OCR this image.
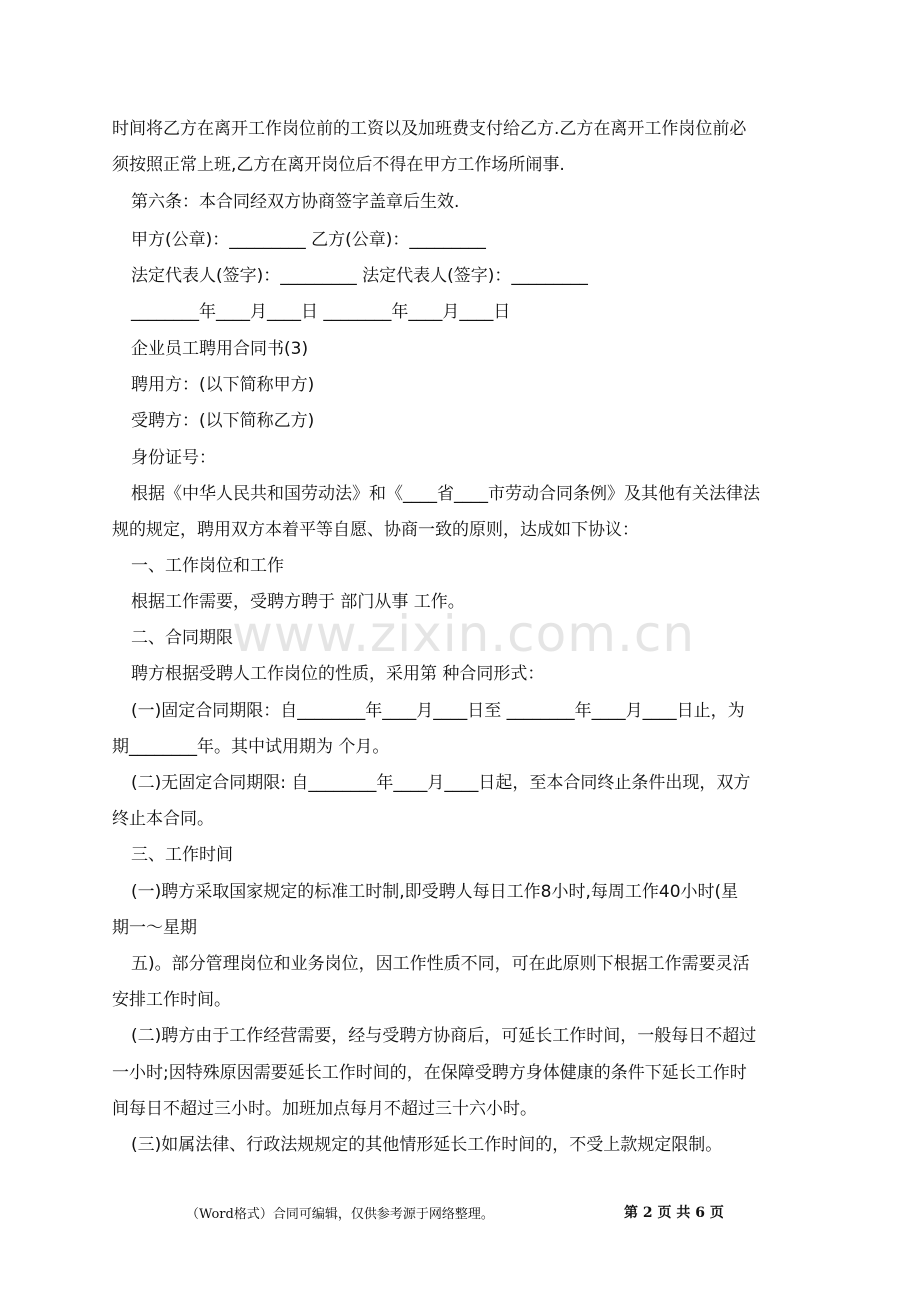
时间将乙方在离开工作岗位前的工资以及加班费支付给乙方.乙方在离开工作岗位前必
须按照正常上班,乙方在离开岗位后不得在甲方工作场所闹事.
第六条：本合同经双方协商签字盖章后生效.
甲方(公章)：_________ 乙方(公章)：_________
法定代表人(签字)：_________ 法定代表人(签字)：_________
________年____月____日 ________年____月____日
企业员工聘用合同书(3)
聘用方：(以下简称甲方)
受聘方：(以下简称乙方)
身份证号：
根据《中华人民共和国劳动法》和《____省____市劳动合同条例》及其他有关法律法
规的规定，聘用双方本着平等自愿、协商一致的原则，达成如下协议：
一、工作岗位和工作
根据工作需要，受聘方聘于 部门从事 工作。
二、合同期限
聘方根据受聘人工作岗位的性质，采用第 种合同形式：
(一)固定合同期限：自________年____月____日至 ________年____月____日止，为
期________年。其中试用期为 个月。
(二)无固定合同期限: 自________年____月____日起，至本合同终止条件出现，双方
终止本合同。
三、工作时间
(一)聘方采取国家规定的标准工时制,即受聘人每日工作8小时,每周工作40小时(星
期一～星期
五)。部分管理岗位和业务岗位，因工作性质不同，可在此原则下根据工作需要灵活
安排工作时间。
(二)聘方由于工作经营需要，经与受聘方协商后，可延长工作时间，一般每日不超过
一小时;因特殊原因需要延长工作时间的，在保障受聘方身体健康的条件下延长工作时
间每日不超过三小时。加班加点每月不超过三十六小时。
(三)如属法律、行政法规规定的其他情形延长工作时间的，不受上款规定限制。
www.zixin.com.cn
（Word格式）合同可编辑，仅供参考源于网络整理。	第 2 页 共 6 页
